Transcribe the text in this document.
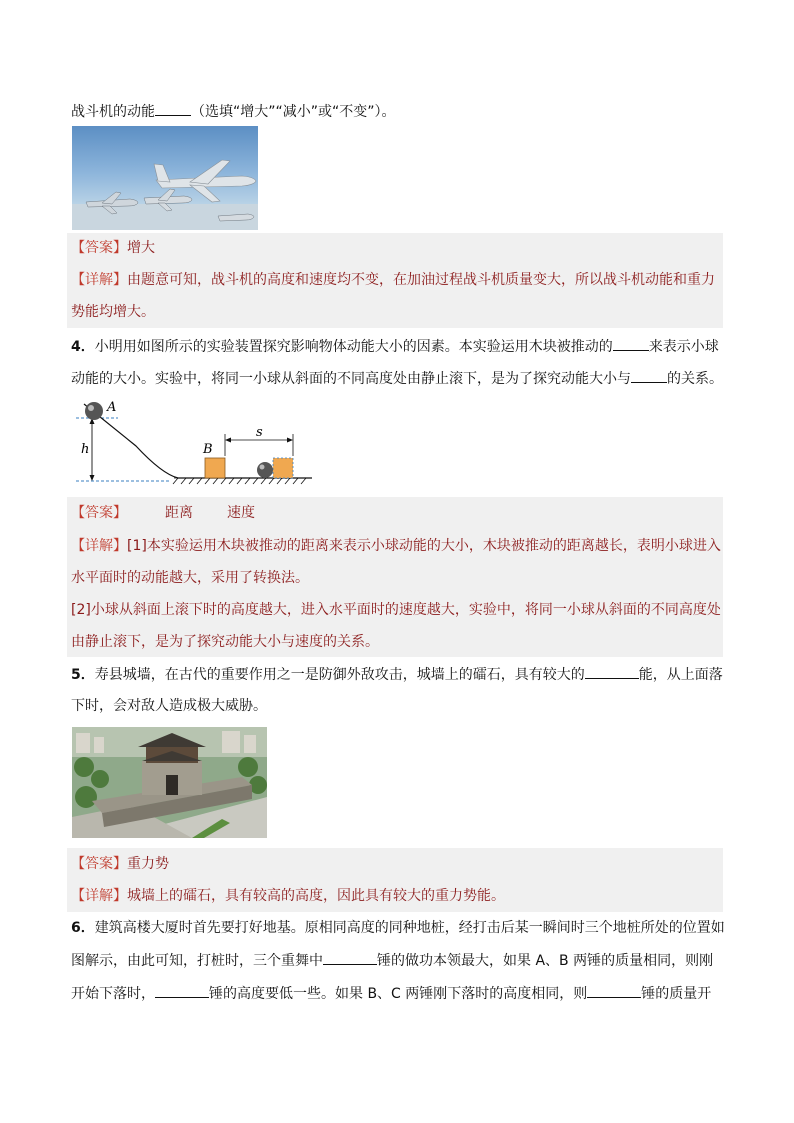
战斗机的动能	（选填“增大”“减小”或“不变”）。
【答案】增大
【详解】由题意可知，战斗机的高度和速度均不变，在加油过程战斗机质量变大，所以战斗机动能和重力
势能均增大。
4．小明用如图所示的实验装置探究影响物体动能大小的因素。本实验运用木块被推动的	来表示小球
动能的大小。实验中，将同一小球从斜面的不同高度处由静止滚下，是为了探究动能大小与	的关系。
h
A
B
s
【答案】	距离 速度
【详解】[1]本实验运用木块被推动的距离来表示小球动能的大小，木块被推动的距离越长，表明小球进入
水平面时的动能越大，采用了转换法。
[2]小球从斜面上滚下时的高度越大，进入水平面时的速度越大，实验中，将同一小球从斜面的不同高度处
由静止滚下，是为了探究动能大小与速度的关系。
5．寿县城墙，在古代的重要作用之一是防御外敌攻击，城墙上的礌石，具有较大的	能，从上面落
下时，会对敌人造成极大威胁。
【答案】重力势
【详解】城墙上的礌石，具有较高的高度，因此具有较大的重力势能。
6．建筑高楼大厦时首先要打好地基。原相同高度的同种地桩，经打击后某一瞬间时三个地桩所处的位置如
图解示，由此可知，打桩时，三个重舞中	锤的做功本领最大，如果 A、B 两锤的质量相同，则刚
开始下落时，	锤的高度要低一些。如果 B、C 两锤刚下落时的高度相同，则	锤的质量开
